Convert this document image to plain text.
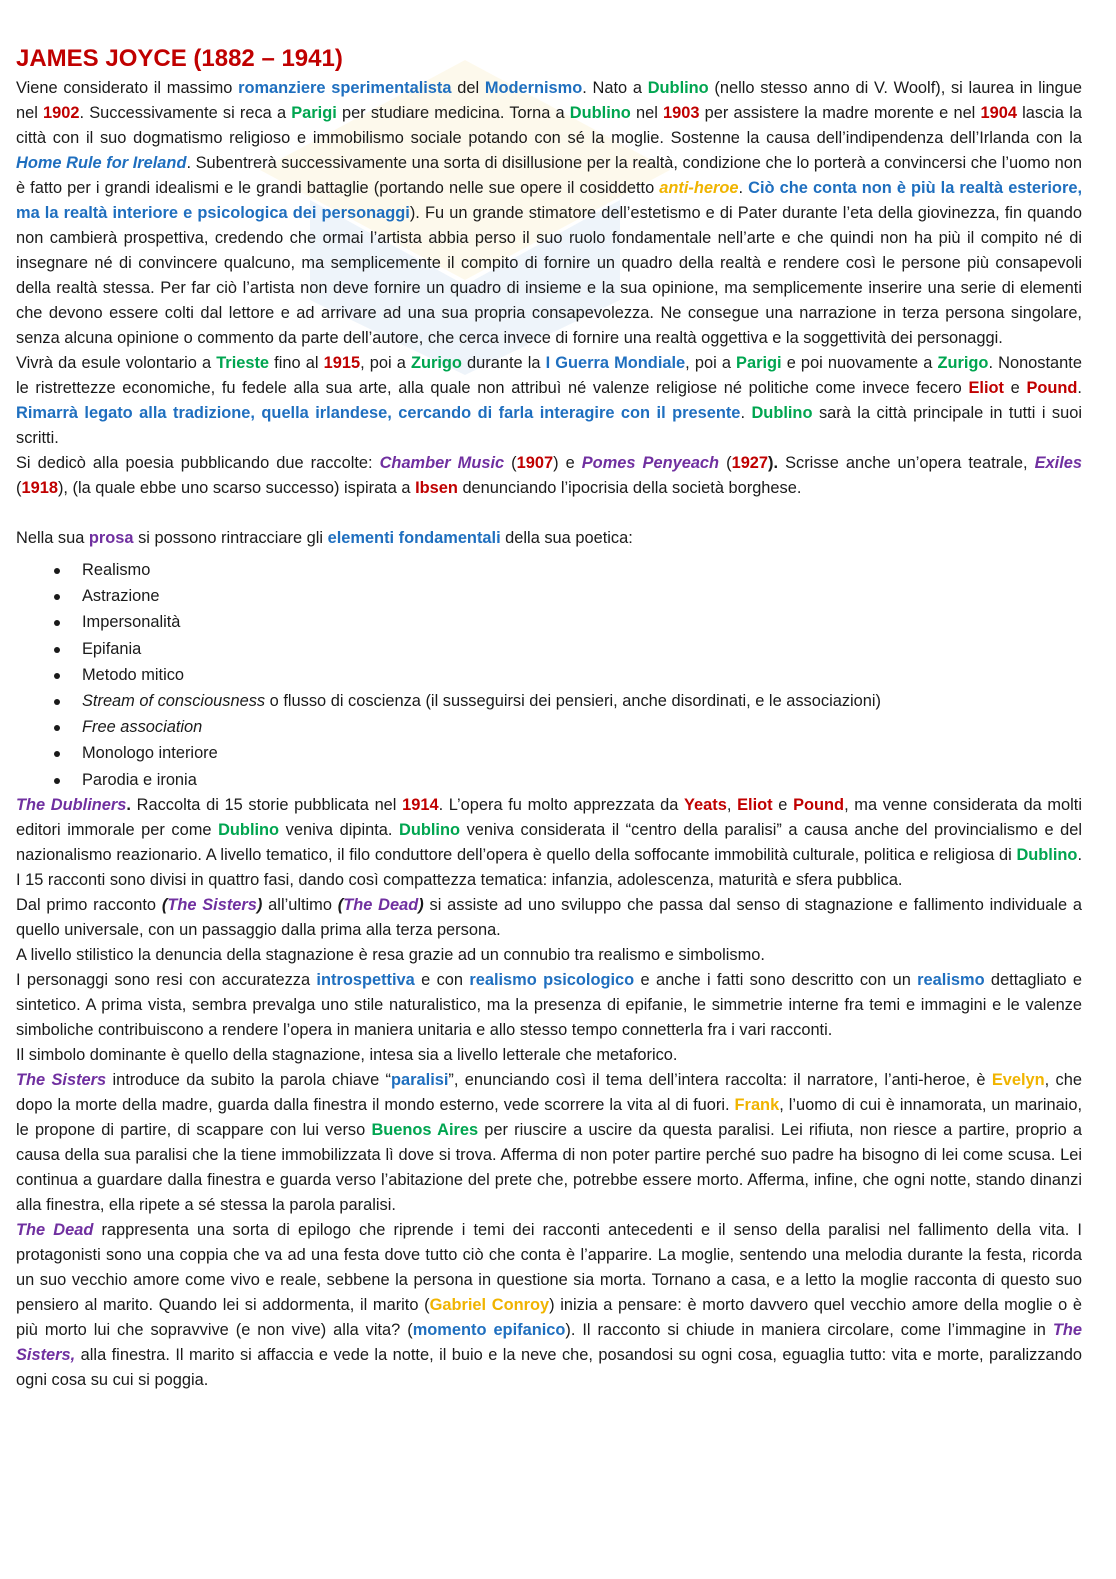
JAMES JOYCE (1882 – 1941)

Viene considerato il massimo romanziere sperimentalista del Modernismo. Nato a Dublino (nello stesso anno di V. Woolf), si laurea in lingue nel 1902. Successivamente si reca a Parigi per studiare medicina. Torna a Dublino nel 1903 per assistere la madre morente e nel 1904 lascia la città con il suo dogmatismo religioso e immobilismo sociale potando con sé la moglie. Sostenne la causa dell’indipendenza dell’Irlanda con la Home Rule for Ireland. Subentrerà successivamente una sorta di disillusione per la realtà, condizione che lo porterà a convincersi che l’uomo non è fatto per i grandi idealismi e le grandi battaglie (portando nelle sue opere il cosiddetto anti-heroe. Ciò che conta non è più la realtà esteriore, ma la realtà interiore e psicologica dei personaggi). Fu un grande stimatore dell’estetismo e di Pater durante l’eta della giovinezza, fin quando non cambierà prospettiva, credendo che ormai l’artista abbia perso il suo ruolo fondamentale nell’arte e che quindi non ha più il compito né di insegnare né di convincere qualcuno, ma semplicemente il compito di fornire un quadro della realtà e rendere così le persone più consapevoli della realtà stessa. Per far ciò l’artista non deve fornire un quadro di insieme e la sua opinione, ma semplicemente inserire una serie di elementi che devono essere colti dal lettore e ad arrivare ad una sua propria consapevolezza. Ne consegue una narrazione in terza persona singolare, senza alcuna opinione o commento da parte dell’autore, che cerca invece di fornire una realtà oggettiva e la soggettività dei personaggi.

Vivrà da esule volontario a Trieste fino al 1915, poi a Zurigo durante la I Guerra Mondiale, poi a Parigi e poi nuovamente a Zurigo. Nonostante le ristrettezze economiche, fu fedele alla sua arte, alla quale non attribuì né valenze religiose né politiche come invece fecero Eliot e Pound. Rimarrà legato alla tradizione, quella irlandese, cercando di farla interagire con il presente. Dublino sarà la città principale in tutti i suoi scritti.

Si dedicò alla poesia pubblicando due raccolte: Chamber Music (1907) e Pomes Penyeach (1927). Scrisse anche un’opera teatrale, Exiles (1918), (la quale ebbe uno scarso successo) ispirata a Ibsen denunciando l’ipocrisia della società borghese.

Nella sua prosa si possono rintracciare gli elementi fondamentali della sua poetica:

Realismo
Astrazione
Impersonalità
Epifania
Metodo mitico
Stream of consciousness o flusso di coscienza (il susseguirsi dei pensieri, anche disordinati, e le associazioni)
Free association
Monologo interiore
Parodia e ironia

The Dubliners. Raccolta di 15 storie pubblicata nel 1914. L’opera fu molto apprezzata da Yeats, Eliot e Pound, ma venne considerata da molti editori immorale per come Dublino veniva dipinta. Dublino veniva considerata il “centro della paralisi” a causa anche del provincialismo e del nazionalismo reazionario. A livello tematico, il filo conduttore dell’opera è quello della soffocante immobilità culturale, politica e religiosa di Dublino. I 15 racconti sono divisi in quattro fasi, dando così compattezza tematica: infanzia, adolescenza, maturità e sfera pubblica.

Dal primo racconto (The Sisters) all’ultimo (The Dead) si assiste ad uno sviluppo che passa dal senso di stagnazione e fallimento individuale a quello universale, con un passaggio dalla prima alla terza persona.

A livello stilistico la denuncia della stagnazione è resa grazie ad un connubio tra realismo e simbolismo.

I personaggi sono resi con accuratezza introspettiva e con realismo psicologico e anche i fatti sono descritto con un realismo dettagliato e sintetico. A prima vista, sembra prevalga uno stile naturalistico, ma la presenza di epifanie, le simmetrie interne fra temi e immagini e le valenze simboliche contribuiscono a rendere l’opera in maniera unitaria e allo stesso tempo connetterla fra i vari racconti.

Il simbolo dominante è quello della stagnazione, intesa sia a livello letterale che metaforico.

The Sisters introduce da subito la parola chiave “paralisi”, enunciando così il tema dell’intera raccolta: il narratore, l’anti-heroe, è Evelyn, che dopo la morte della madre, guarda dalla finestra il mondo esterno, vede scorrere la vita al di fuori. Frank, l’uomo di cui è innamorata, un marinaio, le propone di partire, di scappare con lui verso Buenos Aires per riuscire a uscire da questa paralisi. Lei rifiuta, non riesce a partire, proprio a causa della sua paralisi che la tiene immobilizzata lì dove si trova. Afferma di non poter partire perché suo padre ha bisogno di lei come scusa. Lei continua a guardare dalla finestra e guarda verso l’abitazione del prete che, potrebbe essere morto. Afferma, infine, che ogni notte, stando dinanzi alla finestra, ella ripete a sé stessa la parola paralisi.

The Dead rappresenta una sorta di epilogo che riprende i temi dei racconti antecedenti e il senso della paralisi nel fallimento della vita. I protagonisti sono una coppia che va ad una festa dove tutto ciò che conta è l’apparire. La moglie, sentendo una melodia durante la festa, ricorda un suo vecchio amore come vivo e reale, sebbene la persona in questione sia morta. Tornano a casa, e a letto la moglie racconta di questo suo pensiero al marito. Quando lei si addormenta, il marito (Gabriel Conroy) inizia a pensare: è morto davvero quel vecchio amore della moglie o è più morto lui che sopravvive (e non vive) alla vita? (momento epifanico). Il racconto si chiude in maniera circolare, come l’immagine in The Sisters, alla finestra. Il marito si affaccia e vede la notte, il buio e la neve che, posandosi su ogni cosa, eguaglia tutto: vita e morte, paralizzando ogni cosa su cui si poggia.
